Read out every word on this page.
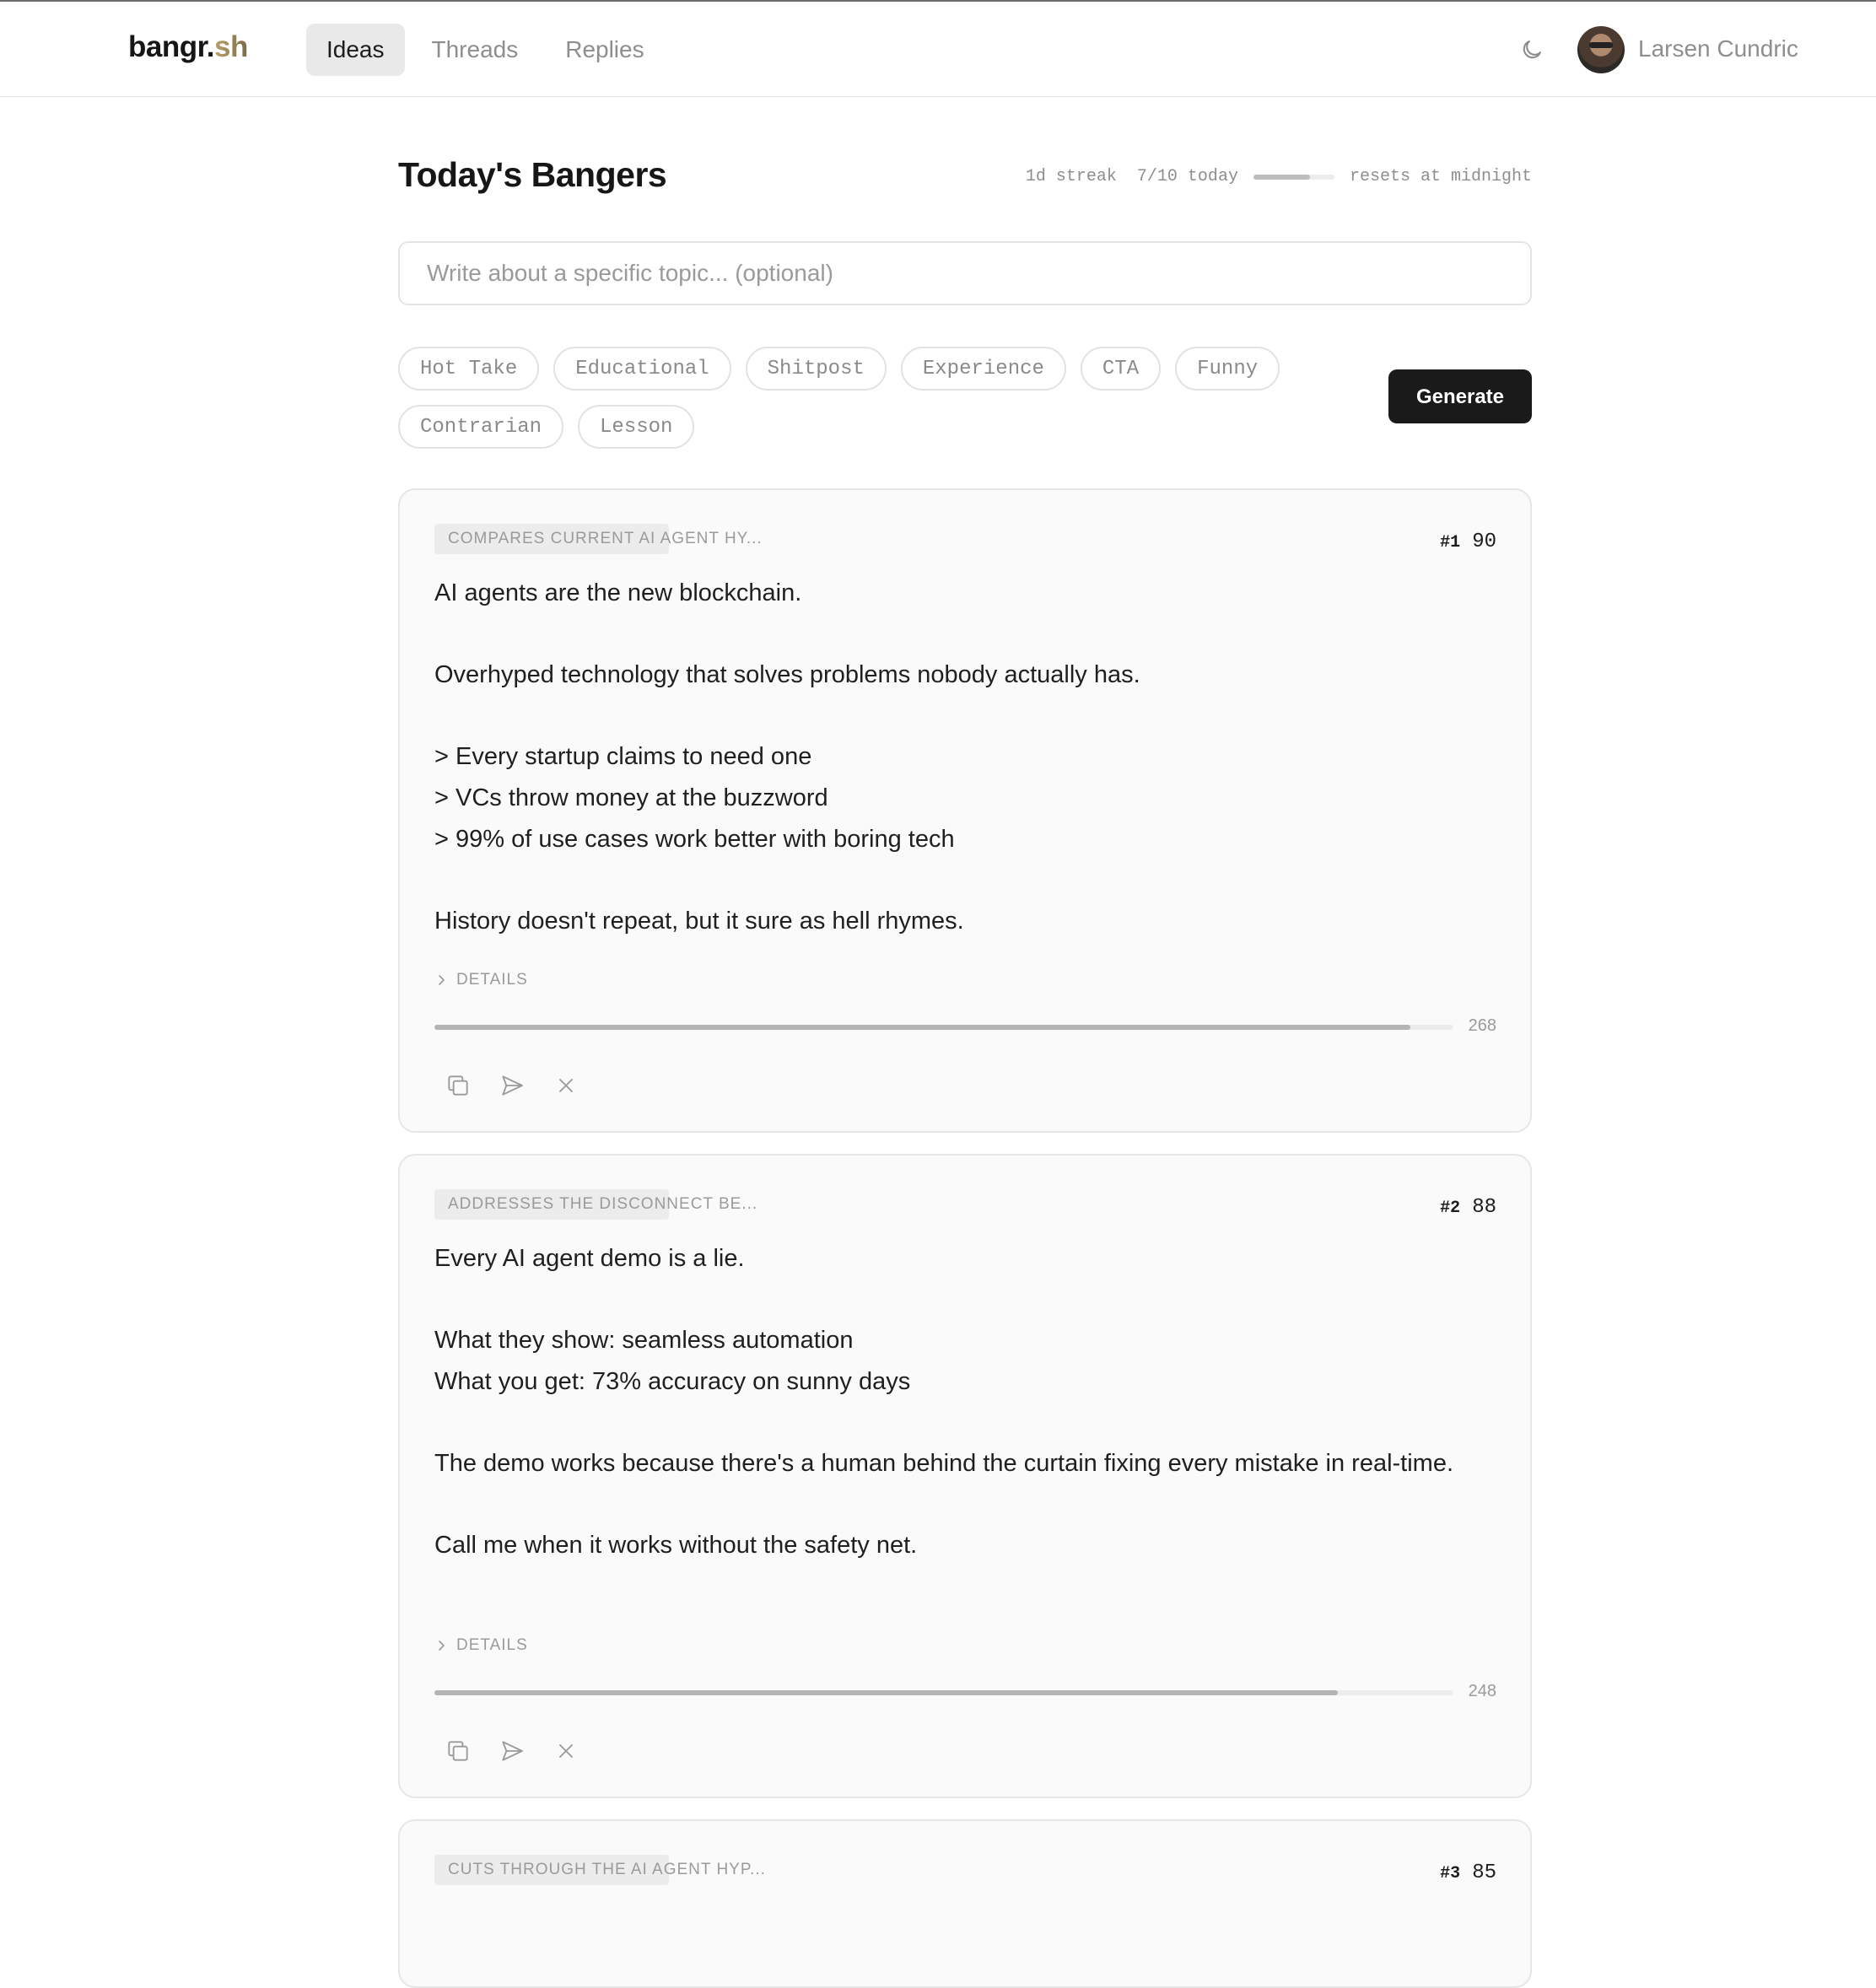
bangr.sh	Ideas	Threads	Replies	Larsen Cundric
Today's Bangers	1d streak 7/10 today	resets at midnight
Write about a specific topic... (optional)
Hot Take	Educational	Shitpost	Experience	CTA	Funny
Contrarian	Lesson
Generate
COMPARES CURRENT AI AGENT HY...	#1 90

AI agents are the new blockchain.

Overhyped technology that solves problems nobody actually has.

> Every startup claims to need one
> VCs throw money at the buzzword
> 99% of use cases work better with boring tech

History doesn't repeat, but it sure as hell rhymes.

DETAILS
268
ADDRESSES THE DISCONNECT BE...	#2 88

Every AI agent demo is a lie.

What they show: seamless automation
What you get: 73% accuracy on sunny days

The demo works because there's a human behind the curtain fixing every mistake in real-time.

Call me when it works without the safety net.

DETAILS
248
CUTS THROUGH THE AI AGENT HYP...	#3 85
